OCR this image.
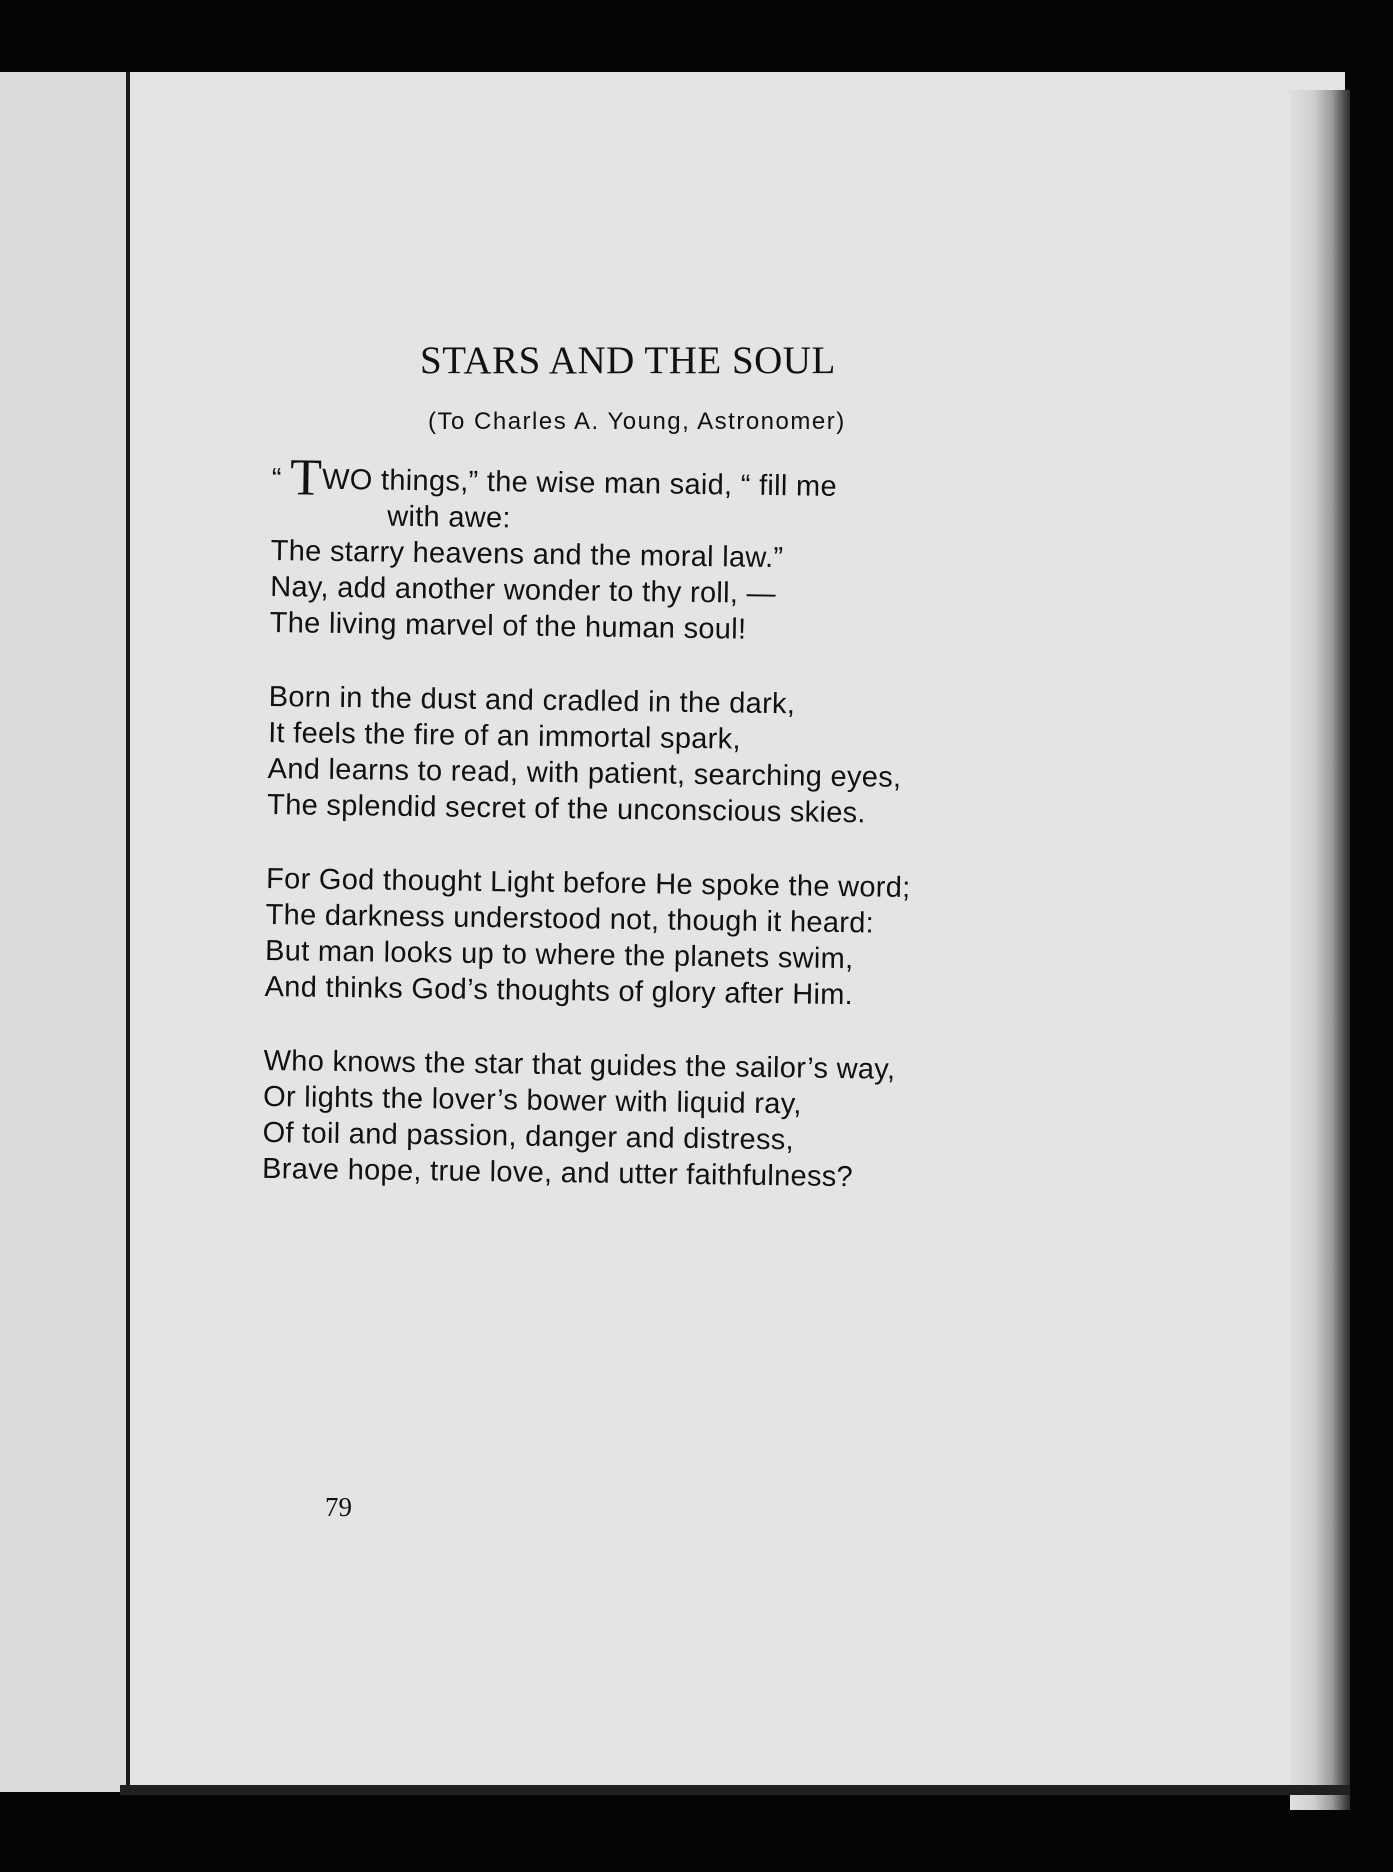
STARS AND THE SOUL
(To Charles A. Young, Astronomer)
“ TWO things,” the wise man said, “ fill me
with awe:
The starry heavens and the moral law.”
Nay, add another wonder to thy roll, —
The living marvel of the human soul!
Born in the dust and cradled in the dark,
It feels the fire of an immortal spark,
And learns to read, with patient, searching eyes,
The splendid secret of the unconscious skies.
For God thought Light before He spoke the word;
The darkness understood not, though it heard:
But man looks up to where the planets swim,
And thinks God’s thoughts of glory after Him.
Who knows the star that guides the sailor’s way,
Or lights the lover’s bower with liquid ray,
Of toil and passion, danger and distress,
Brave hope, true love, and utter faithfulness?
79
